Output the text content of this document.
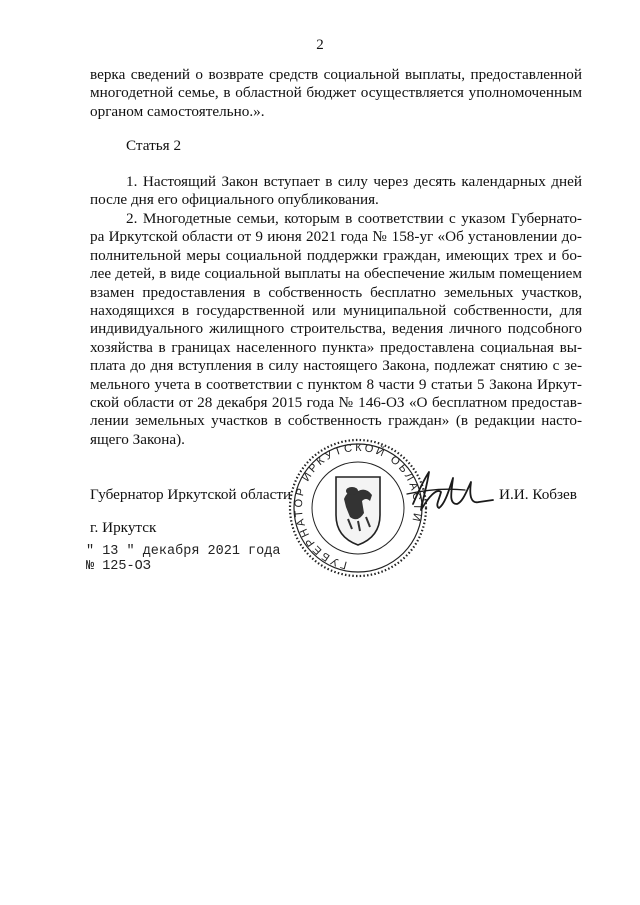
2
верка сведений о возврате средств социальной выплаты, предоставленной
многодетной семье, в областной бюджет осуществляется уполномоченным
органом самостоятельно.».
Статья 2
1. Настоящий Закон вступает в силу через десять календарных дней
после дня его официального опубликования.
2. Многодетные семьи, которым в соответствии с указом Губернато-
ра Иркутской области от 9 июня 2021 года № 158-уг «Об установлении до-
полнительной меры социальной поддержки граждан, имеющих трех и бо-
лее детей, в виде социальной выплаты на обеспечение жилым помещением
взамен предоставления в собственность бесплатно земельных участков,
находящихся в государственной или муниципальной собственности, для
индивидуального жилищного строительства, ведения личного подсобного
хозяйства в границах населенного пункта» предоставлена социальная вы-
плата до дня вступления в силу настоящего Закона, подлежат снятию с зе-
мельного учета в соответствии с пунктом 8 части 9 статьи 5 Закона Иркут-
ской области от 28 декабря 2015 года № 146-ОЗ «О бесплатном предостав-
лении земельных участков в собственность граждан» (в редакции насто-
ящего Закона).
ГУБЕРНАТОР ИРКУТСКОЙ ОБЛАСТИ
Губернатор Иркутской области	И.И. Кобзев
г. Иркутск
" 13 " декабря 2021 года
№ 125-ОЗ
